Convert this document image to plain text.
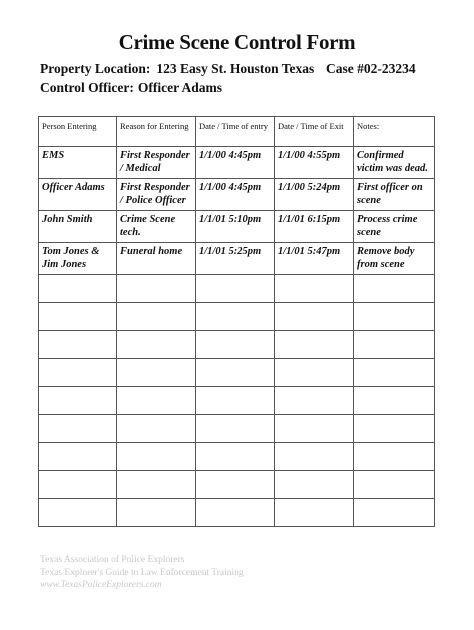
Crime Scene Control Form
Property Location: 123 Easy St. Houston Texas Case #02-23234
Control Officer: Officer Adams
Person Entering	Reason for Entering	Date / Time of entry	Date / Time of Exit	Notes:
EMS	First Responder / Medical	1/1/00 4:45pm	1/1/00 4:55pm	Confirmed victim was dead.
Officer Adams	First Responder / Police Officer	1/1/00 4:45pm	1/1/00 5:24pm	First officer on scene
John Smith	Crime Scene tech.	1/1/01 5:10pm	1/1/01 6:15pm	Process crime scene
Tom Jones & Jim Jones	Funeral home	1/1/01 5:25pm	1/1/01 5:47pm	Remove body from scene

Texas Association of Police Explorers
Texas Explorer's Guide to Law Enforcement Training
www.TexasPoliceExplorers.com
